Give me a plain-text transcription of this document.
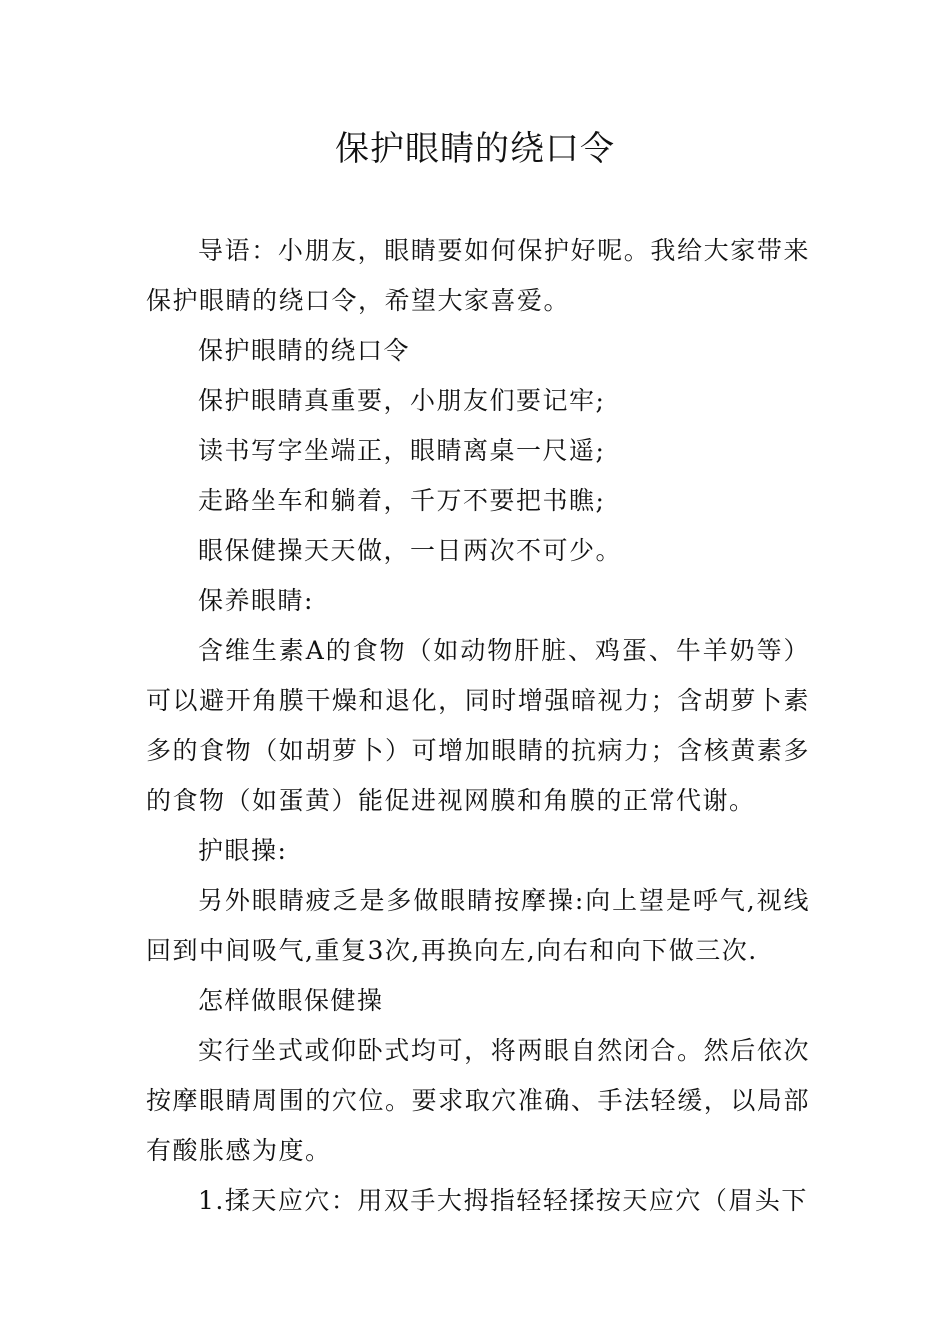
保护眼睛的绕口令

导语：小朋友，眼睛要如何保护好呢。我给大家带来保护眼睛的绕口令，希望大家喜爱。

保护眼睛的绕口令

保护眼睛真重要，小朋友们要记牢;

读书写字坐端正，眼睛离桌一尺遥;

走路坐车和躺着，千万不要把书瞧;

眼保健操天天做，一日两次不可少。

保养眼睛:

含维生素A的食物（如动物肝脏、鸡蛋、牛羊奶等）可以避开角膜干燥和退化，同时增强暗视力；含胡萝卜素多的食物（如胡萝卜）可增加眼睛的抗病力；含核黄素多的食物（如蛋黄）能促进视网膜和角膜的正常代谢。

护眼操:

另外眼睛疲乏是多做眼睛按摩操:向上望是呼气,视线回到中间吸气,重复3次,再换向左,向右和向下做三次.

怎样做眼保健操

实行坐式或仰卧式均可，将两眼自然闭合。然后依次按摩眼睛周围的穴位。要求取穴准确、手法轻缓，以局部有酸胀感为度。

1.揉天应穴：用双手大拇指轻轻揉按天应穴（眉头下
